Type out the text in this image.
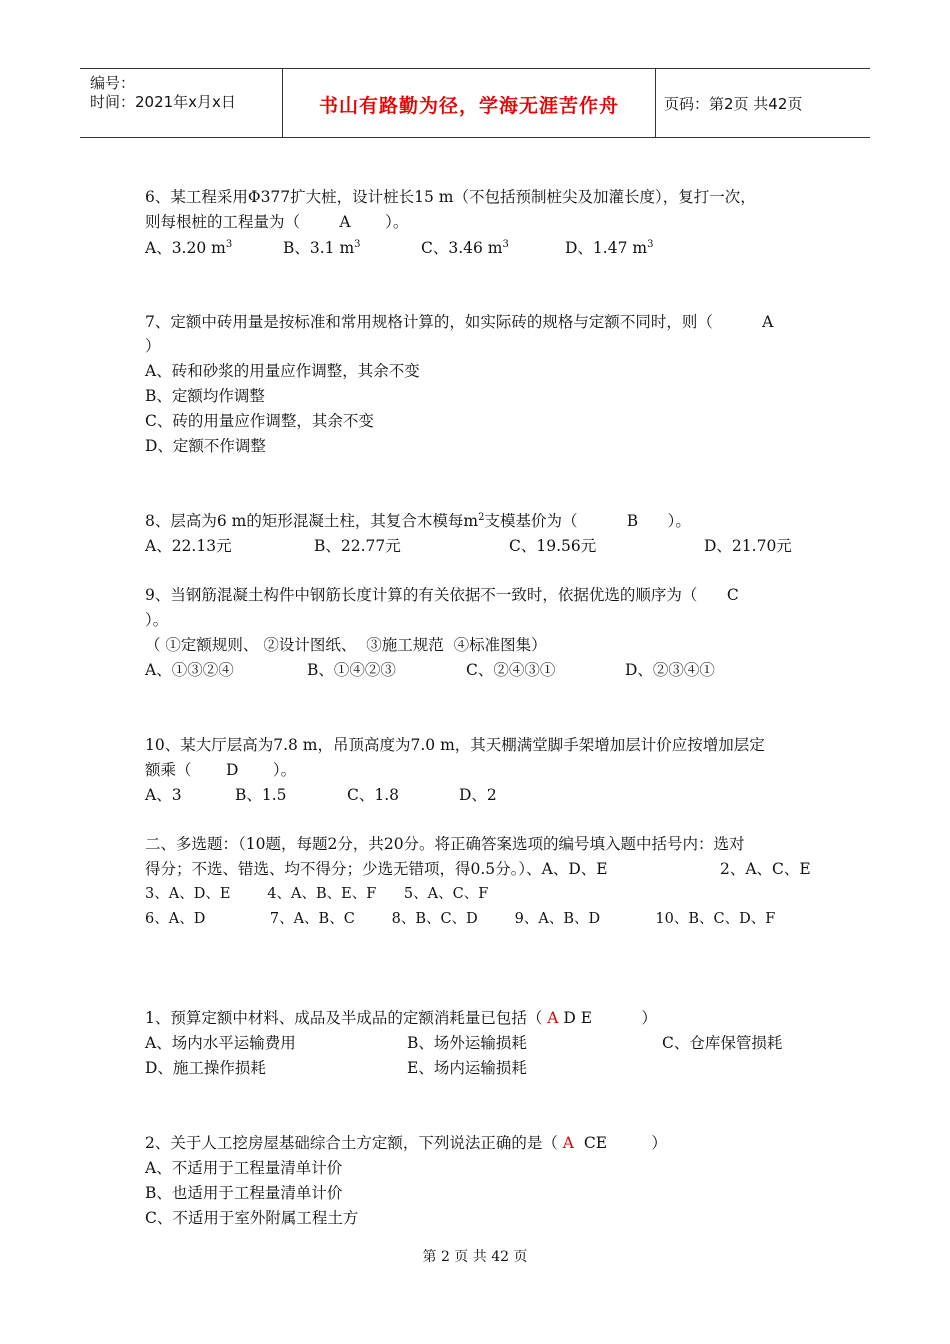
编号：
时间：2021年x月x日	书山有路勤为径，学海无涯苦作舟	页码：第2页 共42页
6、某工程采用Φ377扩大桩，设计桩长15 m（不包括预制桩尖及加灌长度），复打一次，
则每根桩的工程量为（        A       ）。
A、3.20 $m^3$	B、3.1 $m^3$	C、3.46 $m^3$	D、1.47 $m^3$
7、定额中砖用量是按标准和常用规格计算的，如实际砖的规格与定额不同时，则（          A
）
A、砖和砂浆的用量应作调整，其余不变
B、定额均作调整
C、砖的用量应作调整，其余不变
D、定额不作调整
8、层高为6 m的矩形混凝土柱，其复合木模每$m^2$支模基价为（          B      ）。
A、22.13元	B、22.77元	C、19.56元	D、21.70元
9、当钢筋混凝土构件中钢筋长度计算的有关依据不一致时，依据优选的顺序为（      C
）。
（ ①定额规则、 ②设计图纸、  ③施工规范  ④标准图集）
A、①③②④	B、①④②③	C、②④③①	D、②③④①
10、某大厅层高为7.8 m，吊顶高度为7.0 m，其天棚满堂脚手架增加层计价应按增加层定
额乘（       D       ）。
A、3	B、1.5	C、1.8	D、2
二、多选题：（10题，每题2分，共20分。将正确答案选项的编号填入题中括号内：选对
得分；不选、错选、均不得分；少选无错项，得0.5分。）、A、D、E	2、A、C、E
3、A、D、E        4、A、B、E、F      5、A、C、F
6、A、D              7、A、B、C        8、B、C、D        9、A、B、D            10、B、C、D、F
1、预算定额中材料、成品及半成品的定额消耗量已包括（ A D E          ）
A、场内水平运输费用	B、场外运输损耗	C、仓库保管损耗
D、施工操作损耗	E、场内运输损耗
2、关于人工挖房屋基础综合土方定额，下列说法正确的是（ A  CE         ）
A、不适用于工程量清单计价
B、也适用于工程量清单计价
C、不适用于室外附属工程土方
第 2 页 共 42 页
